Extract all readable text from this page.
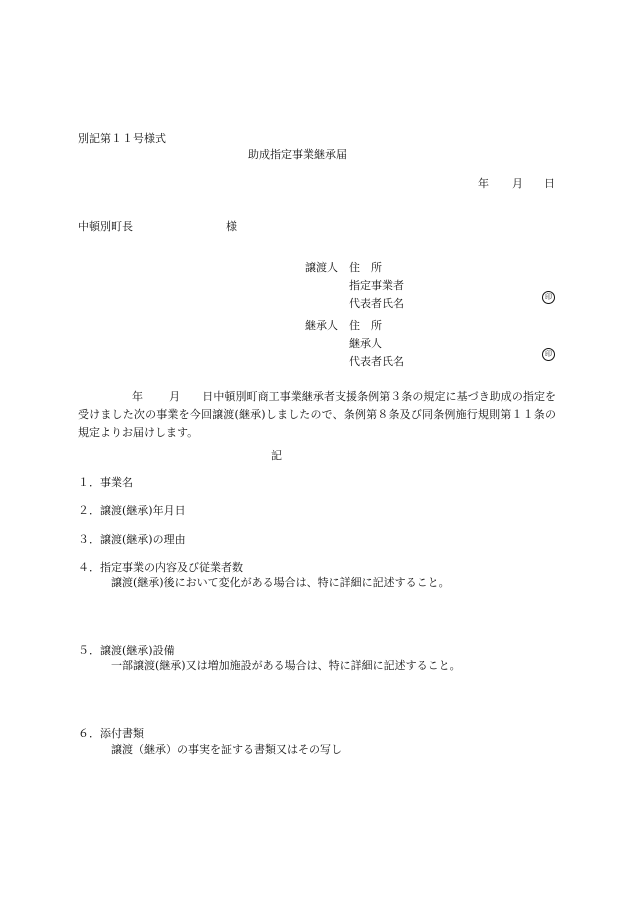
別記第１１号様式
助成指定事業継承届
年 月 日
中頓別町長	様
譲渡人	住　所
指定事業者
代表者氏名	印
継承人	住　所
継承人
代表者氏名
印

年 月 日中頓別町商工事業継承者支援条例第３条の規定に基づき助成の指定を受けました次の事業を今回譲渡(継承)しましたので、条例第８条及び同条例施行規則第１１条の規定よりお届けします。

記
１．事業名
２．譲渡(継承)年月日
３．譲渡(継承)の理由
４．指定事業の内容及び従業者数
譲渡(継承)後において変化がある場合は、特に詳細に記述すること。
５．譲渡(継承)設備
一部譲渡(継承)又は増加施設がある場合は、特に詳細に記述すること。
６．添付書類
譲渡（継承）の事実を証する書類又はその写し
